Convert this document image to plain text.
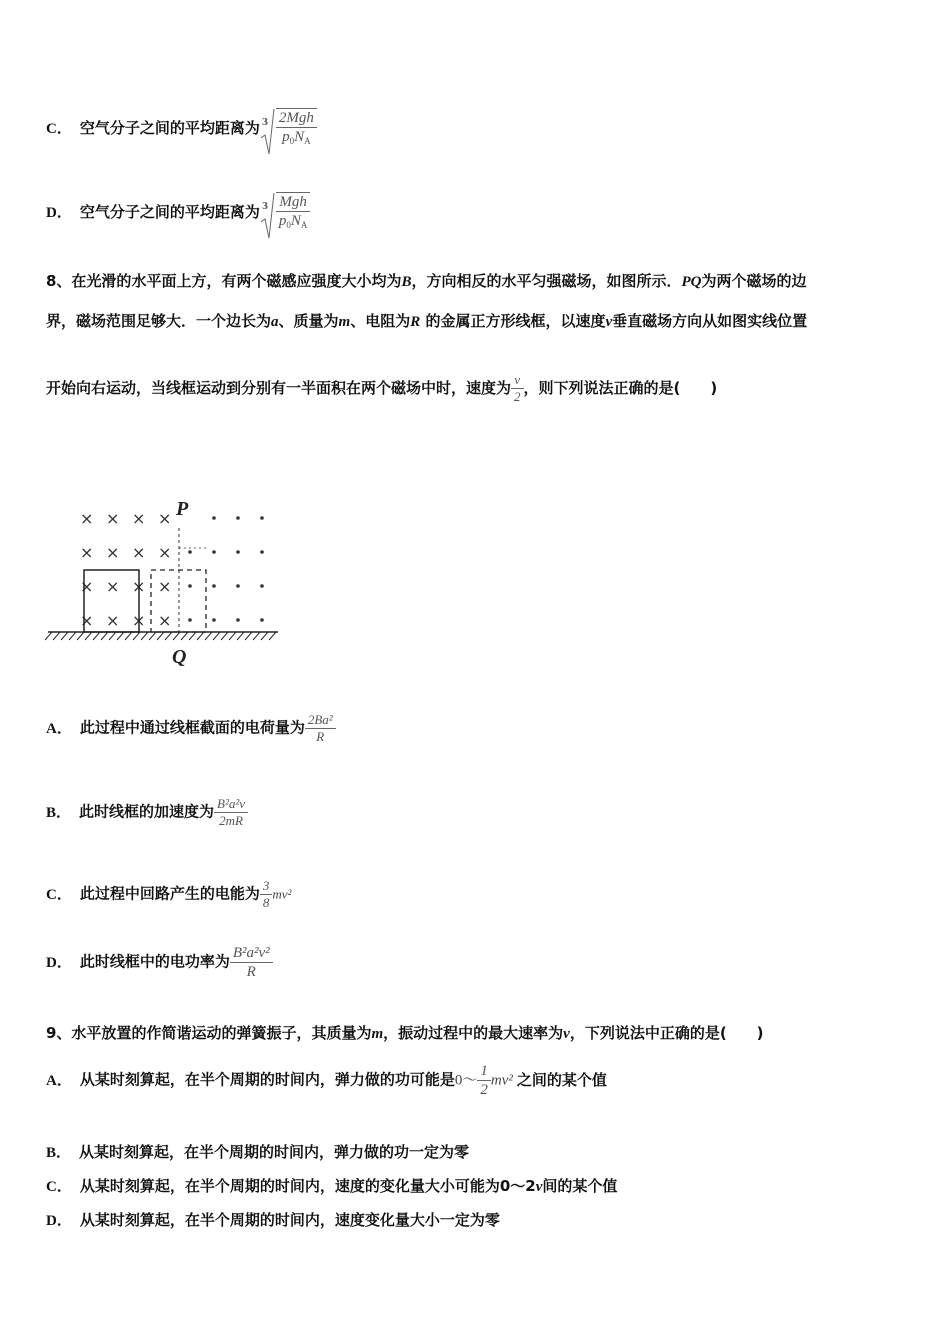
C． 空气分子之间的平均距离为 $3 \frac{\text{2Mgh}}{p_0N_A}$
D． 空气分子之间的平均距离为 $3 \frac{\text{Mgh}}{p_0N_A}$
8、在光滑的水平面上方，有两个磁感应强度大小均为B，方向相反的水平匀强磁场，如图所示．PQ为两个磁场的边
界，磁场范围足够大．一个边长为a、质量为m、电阻为R 的金属正方形线框，以速度v垂直磁场方向从如图实线位置
开始向右运动，当线框运动到分别有一半面积在两个磁场中时，速度为 $\frac{v}{2}$ ，则下列说法正确的是(　　)
P
Q
× × × ×
× × × ×
× × × ×
× × × ×
A． 此过程中通过线框截面的电荷量为 $\frac{\text{2Ba²}}{R}$
B． 此时线框的加速度为 $\frac{\text{B²a²v}}{2mR}$
C． 此过程中回路产生的电能为 $\frac{3}{8} mv^2$
D． 此时线框中的电功率为 $\frac{\text{B²a²v²}}{R}$
9、水平放置的作简谐运动的弹簧振子，其质量为m，振动过程中的最大速率为v，下列说法中正确的是(　　)
A． 从某时刻算起，在半个周期的时间内，弹力做的功可能是0～ $\frac{1}{2} mv^2$ 之间的某个值
B． 从某时刻算起，在半个周期的时间内，弹力做的功一定为零
C． 从某时刻算起，在半个周期的时间内，速度的变化量大小可能为0～2v间的某个值
D． 从某时刻算起，在半个周期的时间内，速度变化量大小一定为零
